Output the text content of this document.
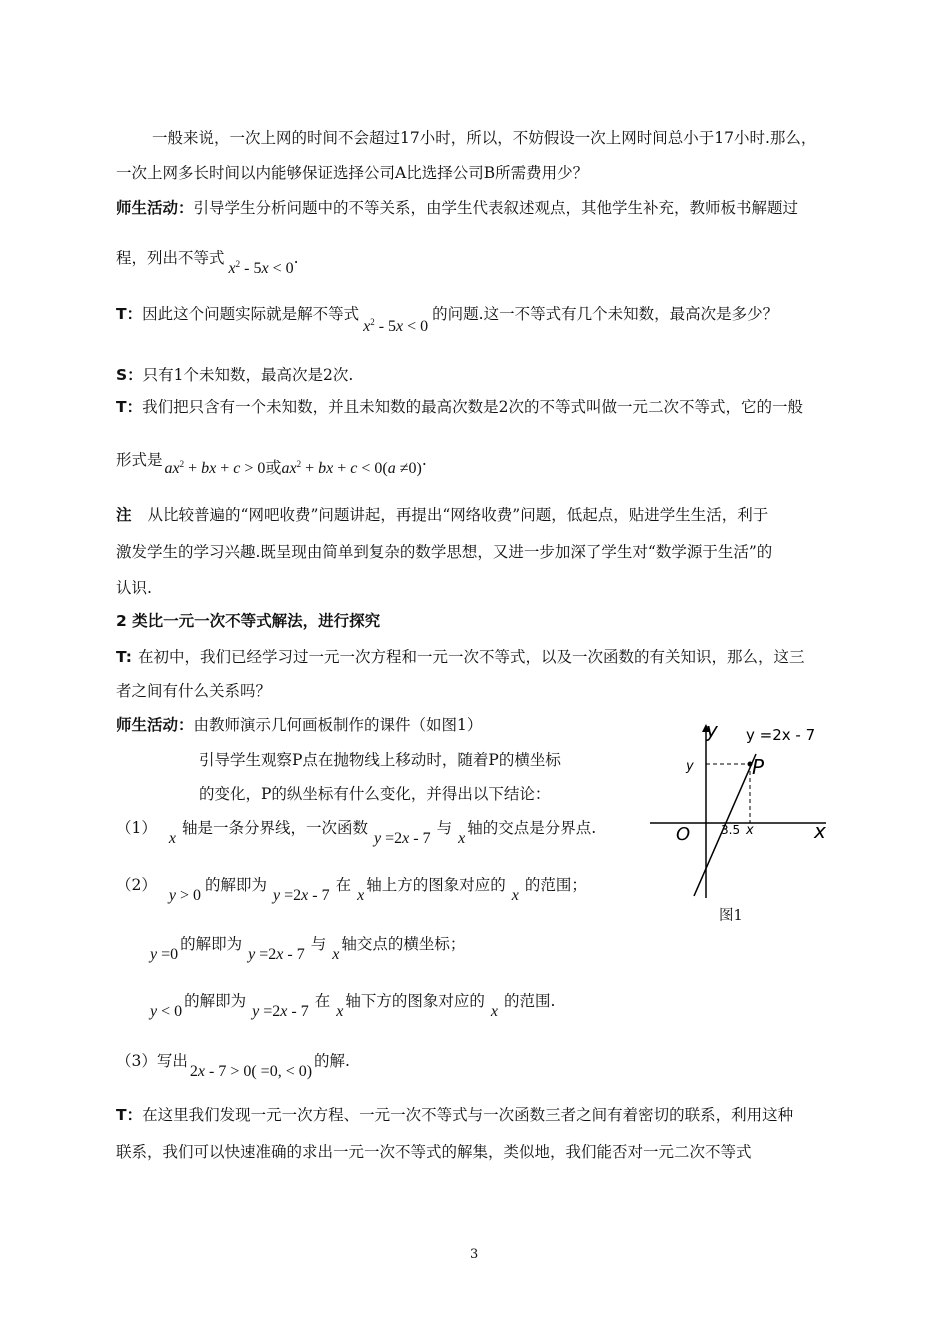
一般来说，一次上网的时间不会超过17小时，所以，不妨假设一次上网时间总小于17小时.那么，
一次上网多长时间以内能够保证选择公司A比选择公司B所需费用少？
师生活动：引导学生分析问题中的不等关系，由学生代表叙述观点，其他学生补充，教师板书解题过
程，列出不等式$x^2 - 5x < 0$.
T：因此这个问题实际就是解不等式$x^2 - 5x < 0$的问题.这一不等式有几个未知数，最高次是多少？
S：只有1个未知数，最高次是2次.
T：我们把只含有一个未知数，并且未知数的最高次数是2次的不等式叫做一元二次不等式，它的一般
形式是 $ax^2$ + bx + c > 0或$ax^2$ + bx + c < 0(a ≠0).
注 从比较普遍的“网吧收费”问题讲起，再提出“网络收费”问题，低起点，贴进学生生活，利于
激发学生的学习兴趣.既呈现由简单到复杂的数学思想，又进一步加深了学生对“数学源于生活”的
认识.
2 类比一元一次不等式解法，进行探究
T: 在初中，我们已经学习过一元一次方程和一元一次不等式，以及一次函数的有关知识，那么，这三
者之间有什么关系吗？
师生活动：由教师演示几何画板制作的课件（如图1）
引导学生观察P点在抛物线上移动时，随着P的横坐标
的变化，P的纵坐标有什么变化，并得出以下结论：
（1）x轴是一条分界线，一次函数y =2x - 7与x轴的交点是分界点.
（2）y > 0的解即为y =2x - 7在x轴上方的图象对应的x的范围；
y =0的解即为y =2x - 7与x轴交点的横坐标；
y < 0的解即为y =2x - 7在x轴下方的图象对应的x的范围.
（3）写出2x - 7 > 0( =0, < 0)的解.
T：在这里我们发现一元一次方程、一元一次不等式与一次函数三者之间有着密切的联系，利用这种
联系，我们可以快速准确的求出一元一次不等式的解集，类似地，我们能否对一元二次不等式
y
x
O
y =2x - 7
P
y
x
3.5
图1
3
